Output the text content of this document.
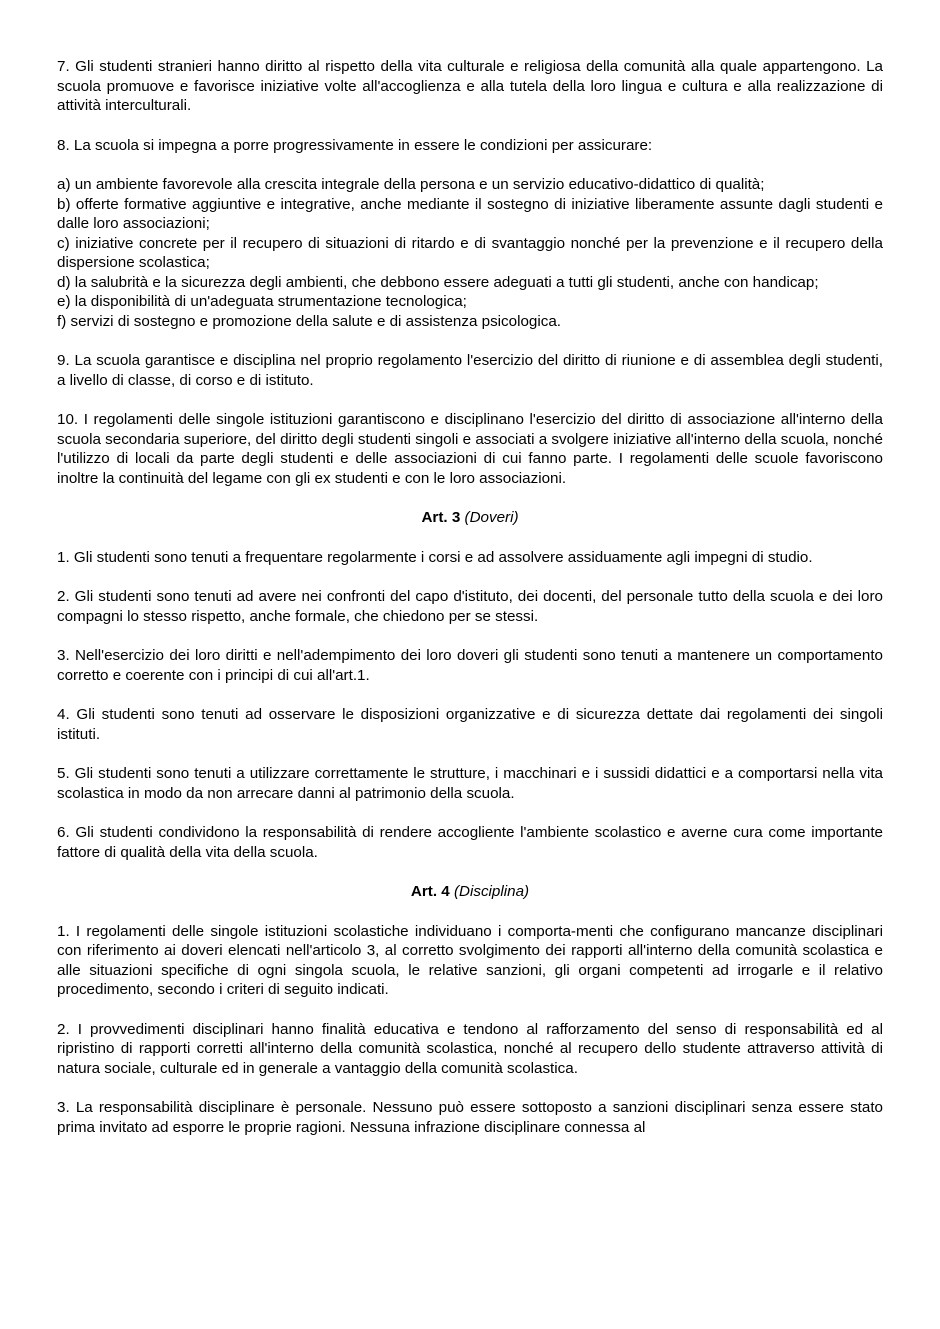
7. Gli studenti stranieri hanno diritto al rispetto della vita culturale e religiosa della comunità alla quale appartengono. La scuola promuove e favorisce iniziative volte all'accoglienza e alla tutela della loro lingua e cultura e alla realizzazione di attività interculturali.

8. La scuola si impegna a porre progressivamente in essere le condizioni per assicurare:

a) un ambiente favorevole alla crescita integrale della persona e un servizio educativo-didattico di qualità;

b) offerte formative aggiuntive e integrative, anche mediante il sostegno di iniziative liberamente assunte dagli studenti e dalle loro associazioni;

c) iniziative concrete per il recupero di situazioni di ritardo e di svantaggio nonché per la prevenzione e il recupero della dispersione scolastica;

d) la salubrità e la sicurezza degli ambienti, che debbono essere adeguati a tutti gli studenti, anche con handicap;

e) la disponibilità di un'adeguata strumentazione tecnologica;

f) servizi di sostegno e promozione della salute e di assistenza psicologica.

9. La scuola garantisce e disciplina nel proprio regolamento l'esercizio del diritto di riunione e di assemblea degli studenti, a livello di classe, di corso e di istituto.

10. I regolamenti delle singole istituzioni garantiscono e disciplinano l'esercizio del diritto di associazione all'interno della scuola secondaria superiore, del diritto degli studenti singoli e associati a svolgere iniziative all'interno della scuola, nonché l'utilizzo di locali da parte degli studenti e delle associazioni di cui fanno parte. I regolamenti delle scuole favoriscono inoltre la continuità del legame con gli ex studenti e con le loro associazioni.

Art. 3 (Doveri)

1. Gli studenti sono tenuti a frequentare regolarmente i corsi e ad assolvere assiduamente agli impegni di studio.

2. Gli studenti sono tenuti ad avere nei confronti del capo d'istituto, dei docenti, del personale tutto della scuola e dei loro compagni lo stesso rispetto, anche formale, che chiedono per se stessi.

3. Nell'esercizio dei loro diritti e nell'adempimento dei loro doveri gli studenti sono tenuti a mantenere un comportamento corretto e coerente con i principi di cui all'art.1.

4. Gli studenti sono tenuti ad osservare le disposizioni organizzative e di sicurezza dettate dai regolamenti dei singoli istituti.

5. Gli studenti sono tenuti a utilizzare correttamente le strutture, i macchinari e i sussidi didattici e a comportarsi nella vita scolastica in modo da non arrecare danni al patrimonio della scuola.

6. Gli studenti condividono la responsabilità di rendere accogliente l'ambiente scolastico e averne cura come importante fattore di qualità della vita della scuola.

Art. 4 (Disciplina)

1. I regolamenti delle singole istituzioni scolastiche individuano i comporta-menti che configurano mancanze disciplinari con riferimento ai doveri elencati nell'articolo 3, al corretto svolgimento dei rapporti all'interno della comunità scolastica e alle situazioni specifiche di ogni singola scuola, le relative sanzioni, gli organi competenti ad irrogarle e il relativo procedimento, secondo i criteri di seguito indicati.

2. I provvedimenti disciplinari hanno finalità educativa e tendono al rafforzamento del senso di responsabilità ed al ripristino di rapporti corretti all'interno della comunità scolastica, nonché al recupero dello studente attraverso attività di natura sociale, culturale ed in generale a vantaggio della comunità scolastica.

3. La responsabilità disciplinare è personale. Nessuno può essere sottoposto a sanzioni disciplinari senza essere stato prima invitato ad esporre le proprie ragioni. Nessuna infrazione disciplinare connessa al
